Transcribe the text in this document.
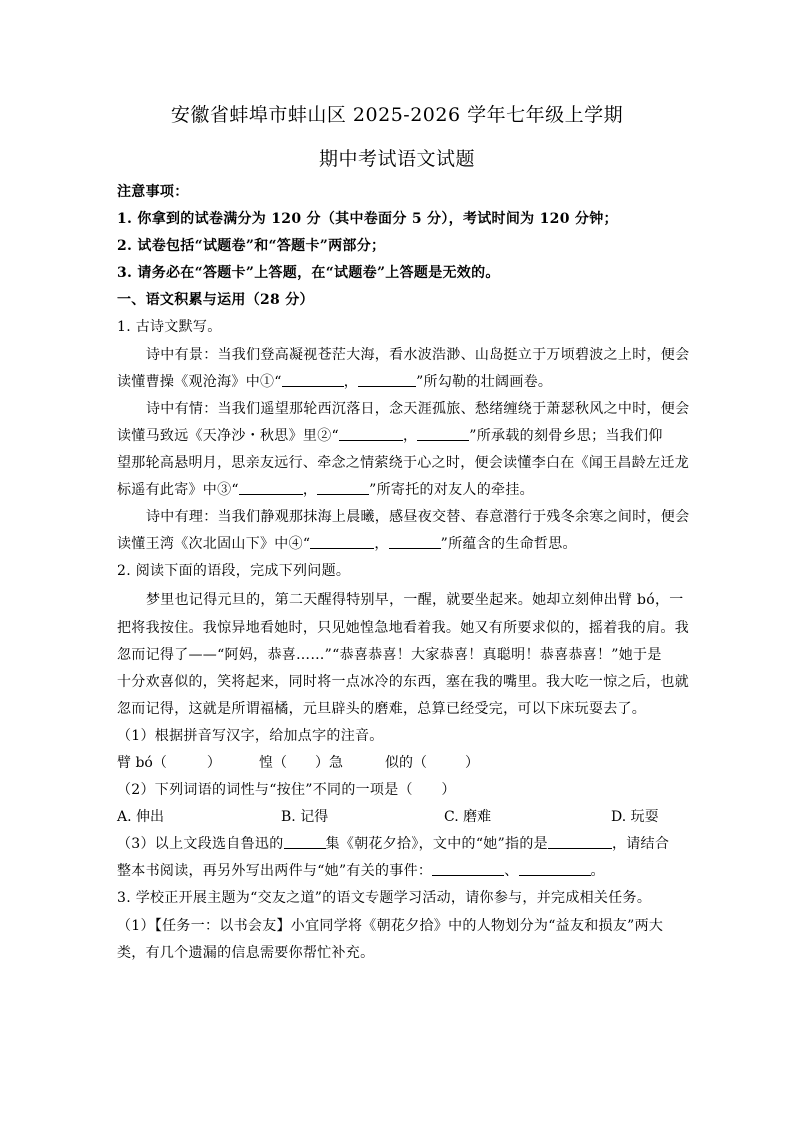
安徽省蚌埠市蚌山区 2025-2026 学年七年级上学期
期中考试语文试题
注意事项：
1. 你拿到的试卷满分为 120 分（其中卷面分 5 分），考试时间为 120 分钟；
2. 试卷包括“试题卷”和“答题卡”两部分；
3. 请务必在“答题卡”上答题，在“试题卷”上答题是无效的。
一、语文积累与运用（28 分）
1. 古诗文默写。
诗中有景：当我们登高凝视苍茫大海，看水波浩渺、山岛挺立于万顷碧波之上时，便会
读懂曹操《观沧海》中①“	，	”所勾勒的壮阔画卷。
诗中有情：当我们遥望那轮西沉落日，念天涯孤旅、愁绪缠绕于萧瑟秋风之中时，便会
读懂马致远《天净沙・秋思》里②“	，	”所承载的刻骨乡思；当我们仰
望那轮高悬明月，思亲友远行、牵念之情萦绕于心之时，便会读懂李白在《闻王昌龄左迁龙
标遥有此寄》中③“	，	”所寄托的对友人的牵挂。
诗中有理：当我们静观那抹海上晨曦，感昼夜交替、春意潜行于残冬余寒之间时，便会
读懂王湾《次北固山下》中④“	，	”所蕴含的生命哲思。
2. 阅读下面的语段，完成下列问题。
梦里也记得元旦的，第二天醒得特别早，一醒，就要坐起来。她却立刻伸出臂 bó，一
把将我按住。我惊异地看她时，只见她惶急地看着我。她又有所要求似的，摇着我的肩。我
忽而记得了——“阿妈，恭喜……”“恭喜恭喜！大家恭喜！真聪明！恭喜恭喜！”她于是
十分欢喜似的，笑将起来，同时将一点冰冷的东西，塞在我的嘴里。我大吃一惊之后，也就
忽而记得，这就是所谓福橘，元旦辟头的磨难，总算已经受完，可以下床玩耍去了。
（1）根据拼音写汉字，给加点字的注音。
臂 bó（	）	惶（ ）急	似的（	）
（2）下列词语的词性与“按住”不同的一项是（　　）
A. 伸出	B. 记得	C. 磨难	D. 玩耍
（3）以上文段选自鲁迅的	集《朝花夕拾》，文中的“她”指的是	，请结合
整本书阅读，再另外写出两件与“她”有关的事件：	、	。
3. 学校正开展主题为“交友之道”的语文专题学习活动，请你参与，并完成相关任务。
（1）【任务一：以书会友】小宜同学将《朝花夕拾》中的人物划分为“益友和损友”两大
类，有几个遗漏的信息需要你帮忙补充。
